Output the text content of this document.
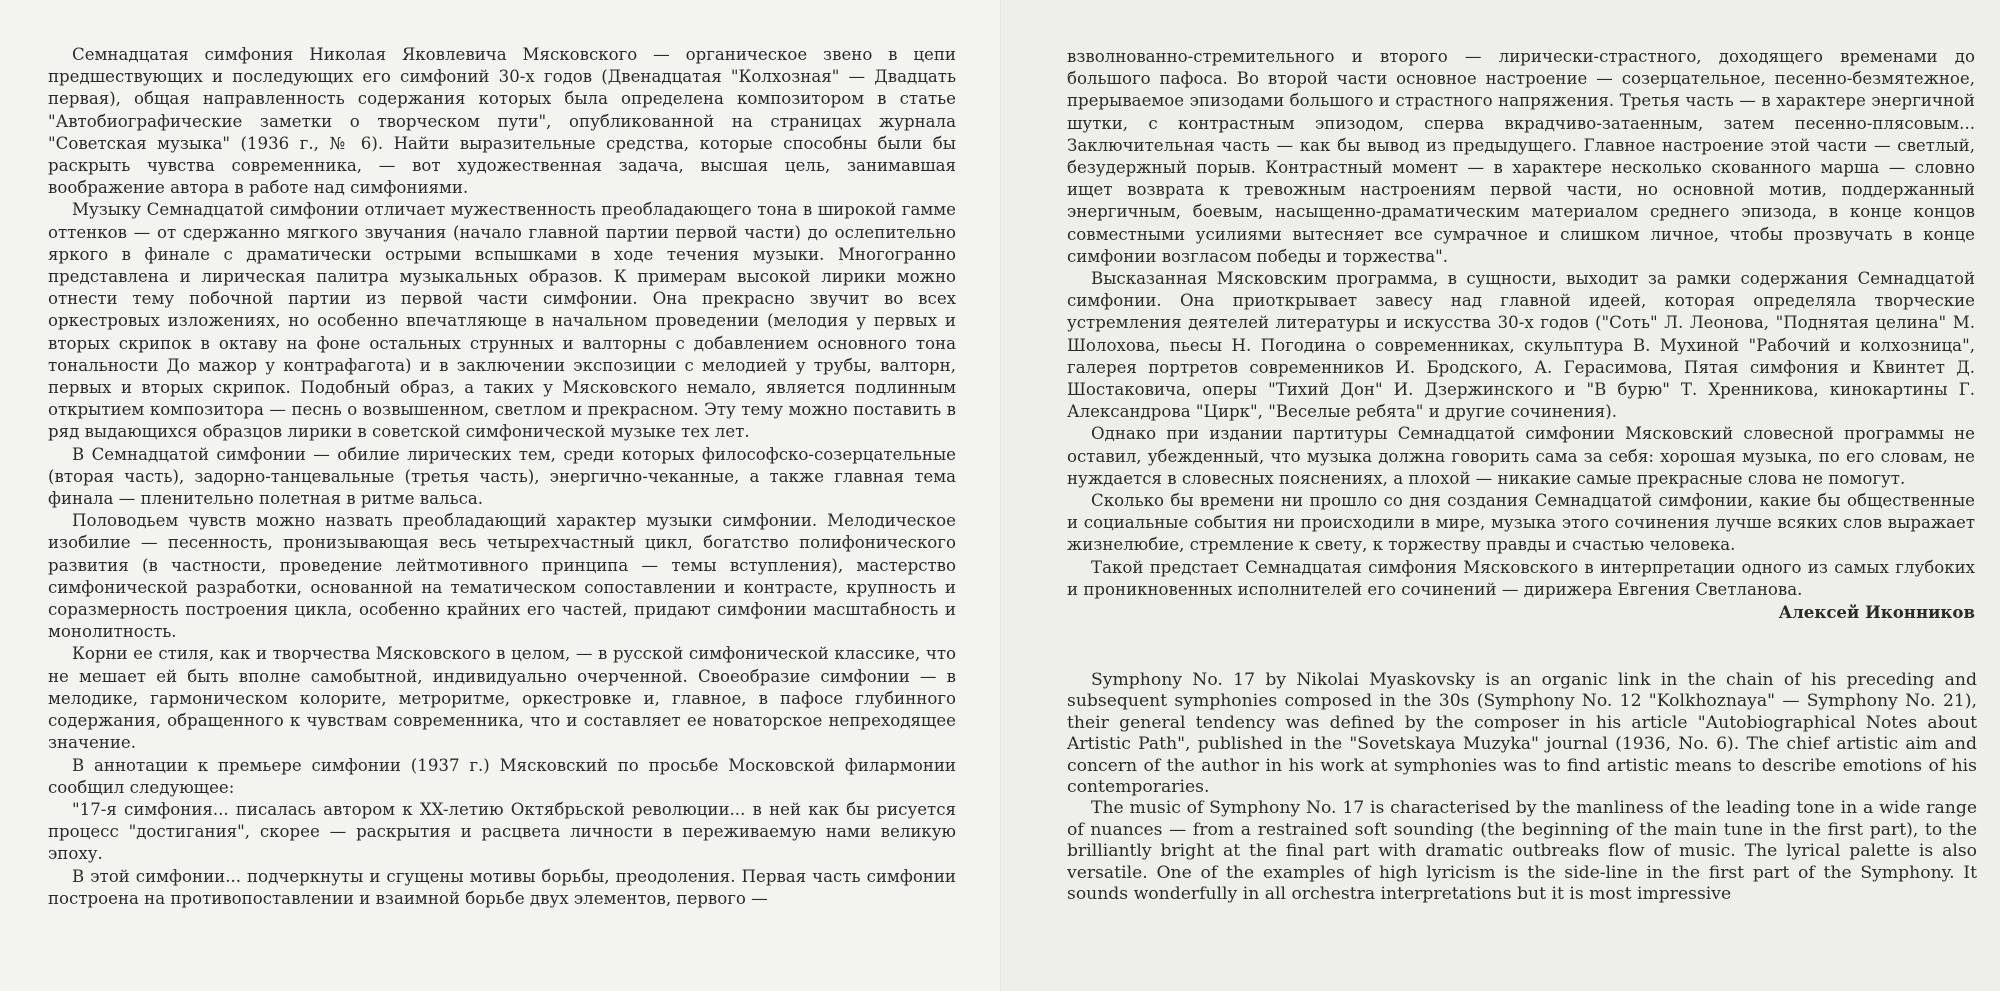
Семнадцатая симфония Николая Яковлевича Мясковского — органическое звено в цепи предшествующих и последующих его симфоний 30-х годов (Двенадцатая "Колхозная" — Двадцать первая), общая направленность содержания которых была определена композитором в статье "Автобиографические заметки о творческом пути", опубликованной на страницах журнала "Советская музыка" (1936 г., № 6). Найти выразительные средства, которые способны были бы раскрыть чувства современника, — вот художественная задача, высшая цель, занимавшая воображение автора в работе над симфониями.

Музыку Семнадцатой симфонии отличает мужественность преобладающего тона в широкой гамме оттенков — от сдержанно мягкого звучания (начало главной партии первой части) до ослепительно яркого в финале с драматически острыми вспышками в ходе течения музыки. Многогранно представлена и лирическая палитра музыкальных образов. К примерам высокой лирики можно отнести тему побочной партии из первой части симфонии. Она прекрасно звучит во всех оркестровых изложениях, но особенно впечатляюще в начальном проведении (мелодия у первых и вторых скрипок в октаву на фоне остальных струнных и валторны с добавлением основного тона тональности До мажор у контрафагота) и в заключении экспозиции с мелодией у трубы, валторн, первых и вторых скрипок. Подобный образ, а таких у Мясковского немало, является подлинным открытием композитора — песнь о возвышенном, светлом и прекрасном. Эту тему можно поставить в ряд выдающихся образцов лирики в советской симфонической музыке тех лет.

В Семнадцатой симфонии — обилие лирических тем, среди которых философско-созерцательные (вторая часть), задорно-танцевальные (третья часть), энергично-чеканные, а также главная тема финала — пленительно полетная в ритме вальса.

Половодьем чувств можно назвать преобладающий характер музыки симфонии. Мелодическое изобилие — песенность, пронизывающая весь четырехчастный цикл, богатство полифонического развития (в частности, проведение лейтмотивного принципа — темы вступления), мастерство симфонической разработки, основанной на тематическом сопоставлении и контрасте, крупность и соразмерность построения цикла, особенно крайних его частей, придают симфонии масштабность и монолитность.

Корни ее стиля, как и творчества Мясковского в целом, — в русской симфонической классике, что не мешает ей быть вполне самобытной, индивидуально очерченной. Своеобразие симфонии — в мелодике, гармоническом колорите, метроритме, оркестровке и, главное, в пафосе глубинного содержания, обращенного к чувствам современника, что и составляет ее новаторское непреходящее значение.

В аннотации к премьере симфонии (1937 г.) Мясковский по просьбе Московской филармонии сообщил следующее:

"17-я симфония... писалась автором к XX-летию Октябрьской революции... в ней как бы рисуется процесс "достигания", скорее — раскрытия и расцвета личности в переживаемую нами великую эпоху.

В этой симфонии... подчеркнуты и сгущены мотивы борьбы, преодоления. Первая часть симфонии построена на противопоставлении и взаимной борьбе двух элементов, первого —

взволнованно-стремительного и второго — лирически-страстного, доходящего временами до большого пафоса. Во второй части основное настроение — созерцательное, песенно-безмятежное, прерываемое эпизодами большого и страстного напряжения. Третья часть — в характере энергичной шутки, с контрастным эпизодом, сперва вкрадчиво-затаенным, затем песенно-плясовым... Заключительная часть — как бы вывод из предыдущего. Главное настроение этой части — светлый, безудержный порыв. Контрастный момент — в характере несколько скованного марша — словно ищет возврата к тревожным настроениям первой части, но основной мотив, поддержанный энергичным, боевым, насыщенно-драматическим материалом среднего эпизода, в конце концов совместными усилиями вытесняет все сумрачное и слишком личное, чтобы прозвучать в конце симфонии возгласом победы и торжества".

Высказанная Мясковским программа, в сущности, выходит за рамки содержания Семнадцатой симфонии. Она приоткрывает завесу над главной идеей, которая определяла творческие устремления деятелей литературы и искусства 30-х годов ("Соть" Л. Леонова, "Поднятая целина" М. Шолохова, пьесы Н. Погодина о современниках, скульптура В. Мухиной "Рабочий и колхозница", галерея портретов современников И. Бродского, А. Герасимова, Пятая симфония и Квинтет Д. Шостаковича, оперы "Тихий Дон" И. Дзержинского и "В бурю" Т. Хренникова, кинокартины Г. Александрова "Цирк", "Веселые ребята" и другие сочинения).

Однако при издании партитуры Семнадцатой симфонии Мясковский словесной программы не оставил, убежденный, что музыка должна говорить сама за себя: хорошая музыка, по его словам, не нуждается в словесных пояснениях, а плохой — никакие самые прекрасные слова не помогут.

Сколько бы времени ни прошло со дня создания Семнадцатой симфонии, какие бы общественные и социальные события ни происходили в мире, музыка этого сочинения лучше всяких слов выражает жизнелюбие, стремление к свету, к торжеству правды и счастью человека.

Такой предстает Семнадцатая симфония Мясковского в интерпретации одного из самых глубоких и проникновенных исполнителей его сочинений — дирижера Евгения Светланова.

Алексей Иконников

Symphony No. 17 by Nikolai Myaskovsky is an organic link in the chain of his preceding and subsequent symphonies composed in the 30s (Symphony No. 12 "Kolkhoznaya" — Symphony No. 21), their general tendency was defined by the composer in his article "Autobiographical Notes about Artistic Path", published in the "Sovetskaya Muzyka" journal (1936, No. 6). The chief artistic aim and concern of the author in his work at symphonies was to find artistic means to describe emotions of his contemporaries.

The music of Symphony No. 17 is characterised by the manliness of the leading tone in a wide range of nuances — from a restrained soft sounding (the beginning of the main tune in the first part), to the brilliantly bright at the final part with dramatic outbreaks flow of music. The lyrical palette is also versatile. One of the examples of high lyricism is the side-line in the first part of the Symphony. It sounds wonderfully in all orchestra interpretations but it is most impressive
